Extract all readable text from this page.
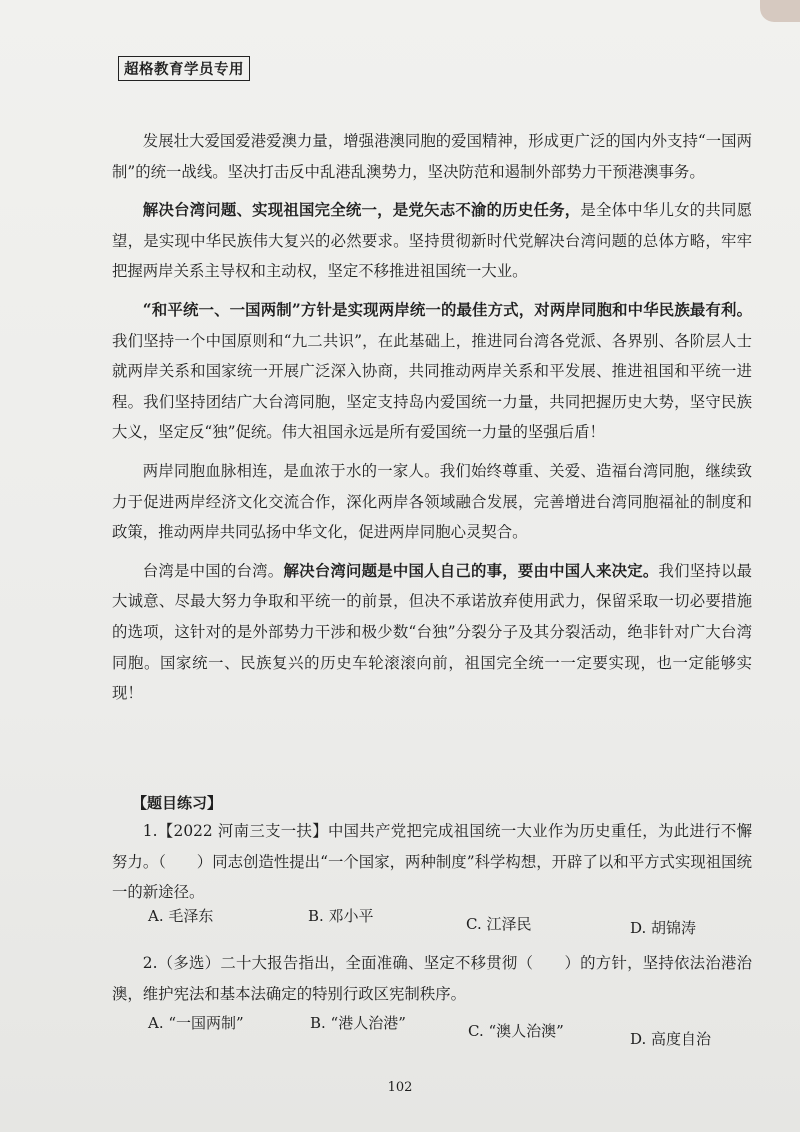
超格教育学员专用

发展壮大爱国爱港爱澳力量，增强港澳同胞的爱国精神，形成更广泛的国内外支持“一国两制”的统一战线。坚决打击反中乱港乱澳势力，坚决防范和遏制外部势力干预港澳事务。

解决台湾问题、实现祖国完全统一，是党矢志不渝的历史任务，是全体中华儿女的共同愿望，是实现中华民族伟大复兴的必然要求。坚持贯彻新时代党解决台湾问题的总体方略，牢牢把握两岸关系主导权和主动权，坚定不移推进祖国统一大业。

“和平统一、一国两制”方针是实现两岸统一的最佳方式，对两岸同胞和中华民族最有利。我们坚持一个中国原则和“九二共识”，在此基础上，推进同台湾各党派、各界别、各阶层人士就两岸关系和国家统一开展广泛深入协商，共同推动两岸关系和平发展、推进祖国和平统一进程。我们坚持团结广大台湾同胞，坚定支持岛内爱国统一力量，共同把握历史大势，坚守民族大义，坚定反“独”促统。伟大祖国永远是所有爱国统一力量的坚强后盾！

两岸同胞血脉相连，是血浓于水的一家人。我们始终尊重、关爱、造福台湾同胞，继续致力于促进两岸经济文化交流合作，深化两岸各领域融合发展，完善增进台湾同胞福祉的制度和政策，推动两岸共同弘扬中华文化，促进两岸同胞心灵契合。

台湾是中国的台湾。解决台湾问题是中国人自己的事，要由中国人来决定。我们坚持以最大诚意、尽最大努力争取和平统一的前景，但决不承诺放弃使用武力，保留采取一切必要措施的选项，这针对的是外部势力干涉和极少数“台独”分裂分子及其分裂活动，绝非针对广大台湾同胞。国家统一、民族复兴的历史车轮滚滚向前，祖国完全统一一定要实现，也一定能够实现！

【题目练习】

1.【2022 河南三支一扶】中国共产党把完成祖国统一大业作为历史重任，为此进行不懈努力。（　　）同志创造性提出“一个国家，两种制度”科学构想，开辟了以和平方式实现祖国统一的新途径。

A. 毛泽东	B. 邓小平	C. 江泽民	D. 胡锦涛

2.（多选）二十大报告指出，全面准确、坚定不移贯彻（　　）的方针，坚持依法治港治澳，维护宪法和基本法确定的特别行政区宪制秩序。

A. “一国两制”	B. “港人治港”	C. “澳人治澳”	D. 高度自治
102
